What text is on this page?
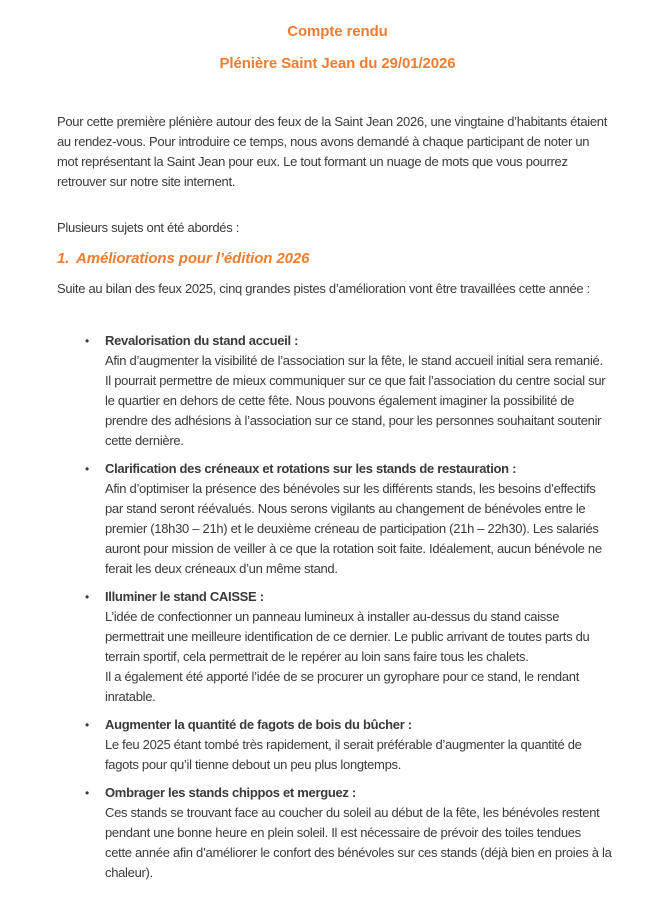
Compte rendu
Plénière Saint Jean du 29/01/2026
Pour cette première plénière autour des feux de la Saint Jean 2026, une vingtaine d’habitants étaient
au rendez-vous. Pour introduire ce temps, nous avons demandé à chaque participant de noter un
mot représentant la Saint Jean pour eux. Le tout formant un nuage de mots que vous pourrez
retrouver sur notre site internent.
Plusieurs sujets ont été abordés :
1. Améliorations pour l’édition 2026
Suite au bilan des feux 2025, cinq grandes pistes d’amélioration vont être travaillées cette année :
•	Revalorisation du stand accueil :
Afin d’augmenter la visibilité de l’association sur la fête, le stand accueil initial sera remanié.
Il pourrait permettre de mieux communiquer sur ce que fait l’association du centre social sur
le quartier en dehors de cette fête. Nous pouvons également imaginer la possibilité de
prendre des adhésions à l’association sur ce stand, pour les personnes souhaitant soutenir
cette dernière.
•	Clarification des créneaux et rotations sur les stands de restauration :
Afin d’optimiser la présence des bénévoles sur les différents stands, les besoins d’effectifs
par stand seront réévalués. Nous serons vigilants au changement de bénévoles entre le
premier (18h30 – 21h) et le deuxième créneau de participation (21h – 22h30). Les salariés
auront pour mission de veiller à ce que la rotation soit faite. Idéalement, aucun bénévole ne
ferait les deux créneaux d’un même stand.
•	Illuminer le stand CAISSE :
L’idée de confectionner un panneau lumineux à installer au-dessus du stand caisse
permettrait une meilleure identification de ce dernier. Le public arrivant de toutes parts du
terrain sportif, cela permettrait de le repérer au loin sans faire tous les chalets.
Il a également été apporté l’idée de se procurer un gyrophare pour ce stand, le rendant
inratable.
•	Augmenter la quantité de fagots de bois du bûcher :
Le feu 2025 étant tombé très rapidement, il serait préférable d’augmenter la quantité de
fagots pour qu’il tienne debout un peu plus longtemps.
•	Ombrager les stands chippos et merguez :
Ces stands se trouvant face au coucher du soleil au début de la fête, les bénévoles restent
pendant une bonne heure en plein soleil. Il est nécessaire de prévoir des toiles tendues
cette année afin d’améliorer le confort des bénévoles sur ces stands (déjà bien en proies à la
chaleur).
